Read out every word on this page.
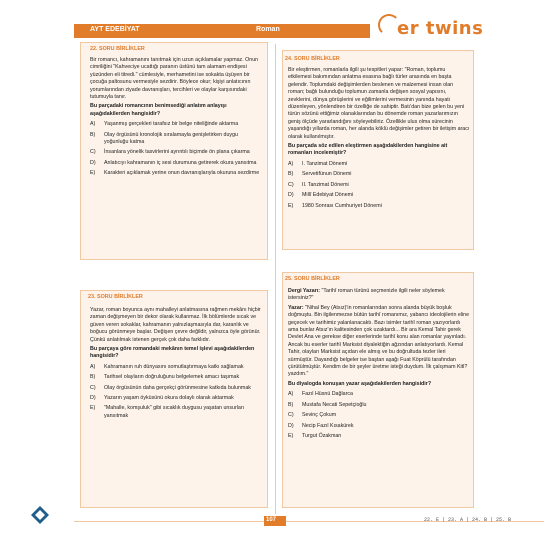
AYT EDEBİYAT	Roman	er twins
22. SORU BİRLİKLER

Bir romancı, kahramanını tanıtmak için uzun açıklamalar yapmaz. Onun cimriliğini "Kahveciye ucattığı paranın üstünü tam alamam endişesi yüzünden eli titredi." cümlesiyle, merhametini ise sokakta üşüyen bir çocuğa paltosunu vermesiyle sezdirir. Böylece okur; kişiyi anlatıcının yorumlarından ziyade davranışları, tercihleri ve olaylar karşısındaki tutumuyla tanır.

Bu parçadaki romancının benimsediği anlatım anlayışı aşağıdakilerden hangisidir?

A)	Yaşanmış gerçekleri tarafsız bir belge niteliğinde aktarma
B)	Olay örgüsünü kronolojik sıralamayla genişletirken duygu yoğunluğu katma
C)	İnsanlara yönelik tasvirlerini ayrıntılı biçimde ön plana çıkarma
D)	Anlatıcıyı kahramanın iç sesi durumuna getirerek okura yansıtma
E)	Karakteri açıklamak yerine onun davranışlarıyla okuruna sezdirme
24. SORU BİRLİKLER

Bir eleştirmen, romanlarla ilgili şu tespitleri yapar: "Roman, toplumu etkilemesi bakımından anlatma esasına bağlı türler arasında en başta gelendir. Toplumdaki değişimlerden beslenen ve malzemesi insan olan roman; bağlı bulunduğu toplumun zamanla değişen sosyal yapısını, zevklerini, dünya görüşlerini ve eğilimlerini vermesinin yanında hayatı düzenleyen, yönlendiren bir özelliğe de sahiptir. Batı'dan bize gelen bu yeni türün sözünü ettiğimiz olanaklarından bu dönemde roman yazarlarımızın geniş ölçüde yararlandığını söyleyebiliriz. Özellikle ulus olma sürecinin yaşandığı yıllarda roman, her alanda köklü değişimler getiren bir iletişim aracı olarak kullanılmıştır.

Bu parçada söz edilen eleştirmen aşağıdakilerden hangisine ait romanları incelemiştir?

A)	I. Tanzimat Dönemi
B)	Servetifünun Dönemi
C)	II. Tanzimat Dönemi
D)	Millî Edebiyat Dönemi
E)	1980 Sonrası Cumhuriyet Dönemi
23. SORU BİRLİKLER

Yazar, roman boyunca aynı mahalleyi anlatmasına rağmen mekânı hiçbir zaman değişmeyen bir dekor olarak kullanmaz. İlk bölümlerde sıcak ve güven veren sokaklar, kahramanın yalnızlaşmasıyla dar, karanlık ve boğucu görünmeye başlar. Değişen çevre değildir, yalnızca öyle görünür. Çünkü anlatılmak istenen gerçek çok daha farklıdır.

Bu parçaya göre romandaki mekânın temel işlevi aşağıdakilerden hangisidir?

A)	Kahramanın ruh dünyasını somutlaştırmaya katkı sağlamak
B)	Tarihsel olayların doğruluğunu belgelemek amacı taşımak
C)	Olay örgüsünün daha gerçekçi görünmesine katkıda bulunmak
D)	Yazarın yaşam öyküsünü okura dolaylı olarak aktarmak
E)	"Mahalle, komşuluk" gibi sıcaklık duygusu yaşatan unsurları yansıtmak
25. SORU BİRLİKLER

Dergi Yazarı: "Tarihî roman türünü seçmenizle ilgili neler söylemek istersiniz?"

Yazar: "Nihal Bey (Atsız)'in romanlarından sonra alanda büyük boşluk doğmuştu. Bin ilgilenmezse bütün tarihî romanımız, yabancı ideolojilerin eline geçecek ve tarihimiz yalanlanacaktı. Bazı isimler tarihî roman yazıyorlardı ama bunlar Atsız'ın kalitesinden çok uzaktardı... Bir ara Kemal Tahir gerek Devlet Ana ve gerekse diğer eserlerinde tarihî konu alan romanlar yayınladı. Ancak bu eserler tarihî Marksist diyalektiğin ağzından anlatıyorlardı. Kemal Tahir, olayları Marksist açıdan ele almış ve bu doğrultuda tezler ileri sürmüştür. Dayandığı belgeler ise baştan aşağı Fuat Köprülü tarafından çürütülmüştür. Kendim de bir şeyler üretme isteği duydum. İlk çalışmam Kitl? yazdım."

Bu diyalogda konuşan yazar aşağıdakilerden hangisidir?

A)	Fazıl Hüsnü Dağlarca
B)	Mustafa Necati Sepetçioğlu
C)	Sevinç Çokum
D)	Necip Fazıl Kısakürek
E)	Turgut Özakman
107	22. E | 23. A | 24. B | 25. B
